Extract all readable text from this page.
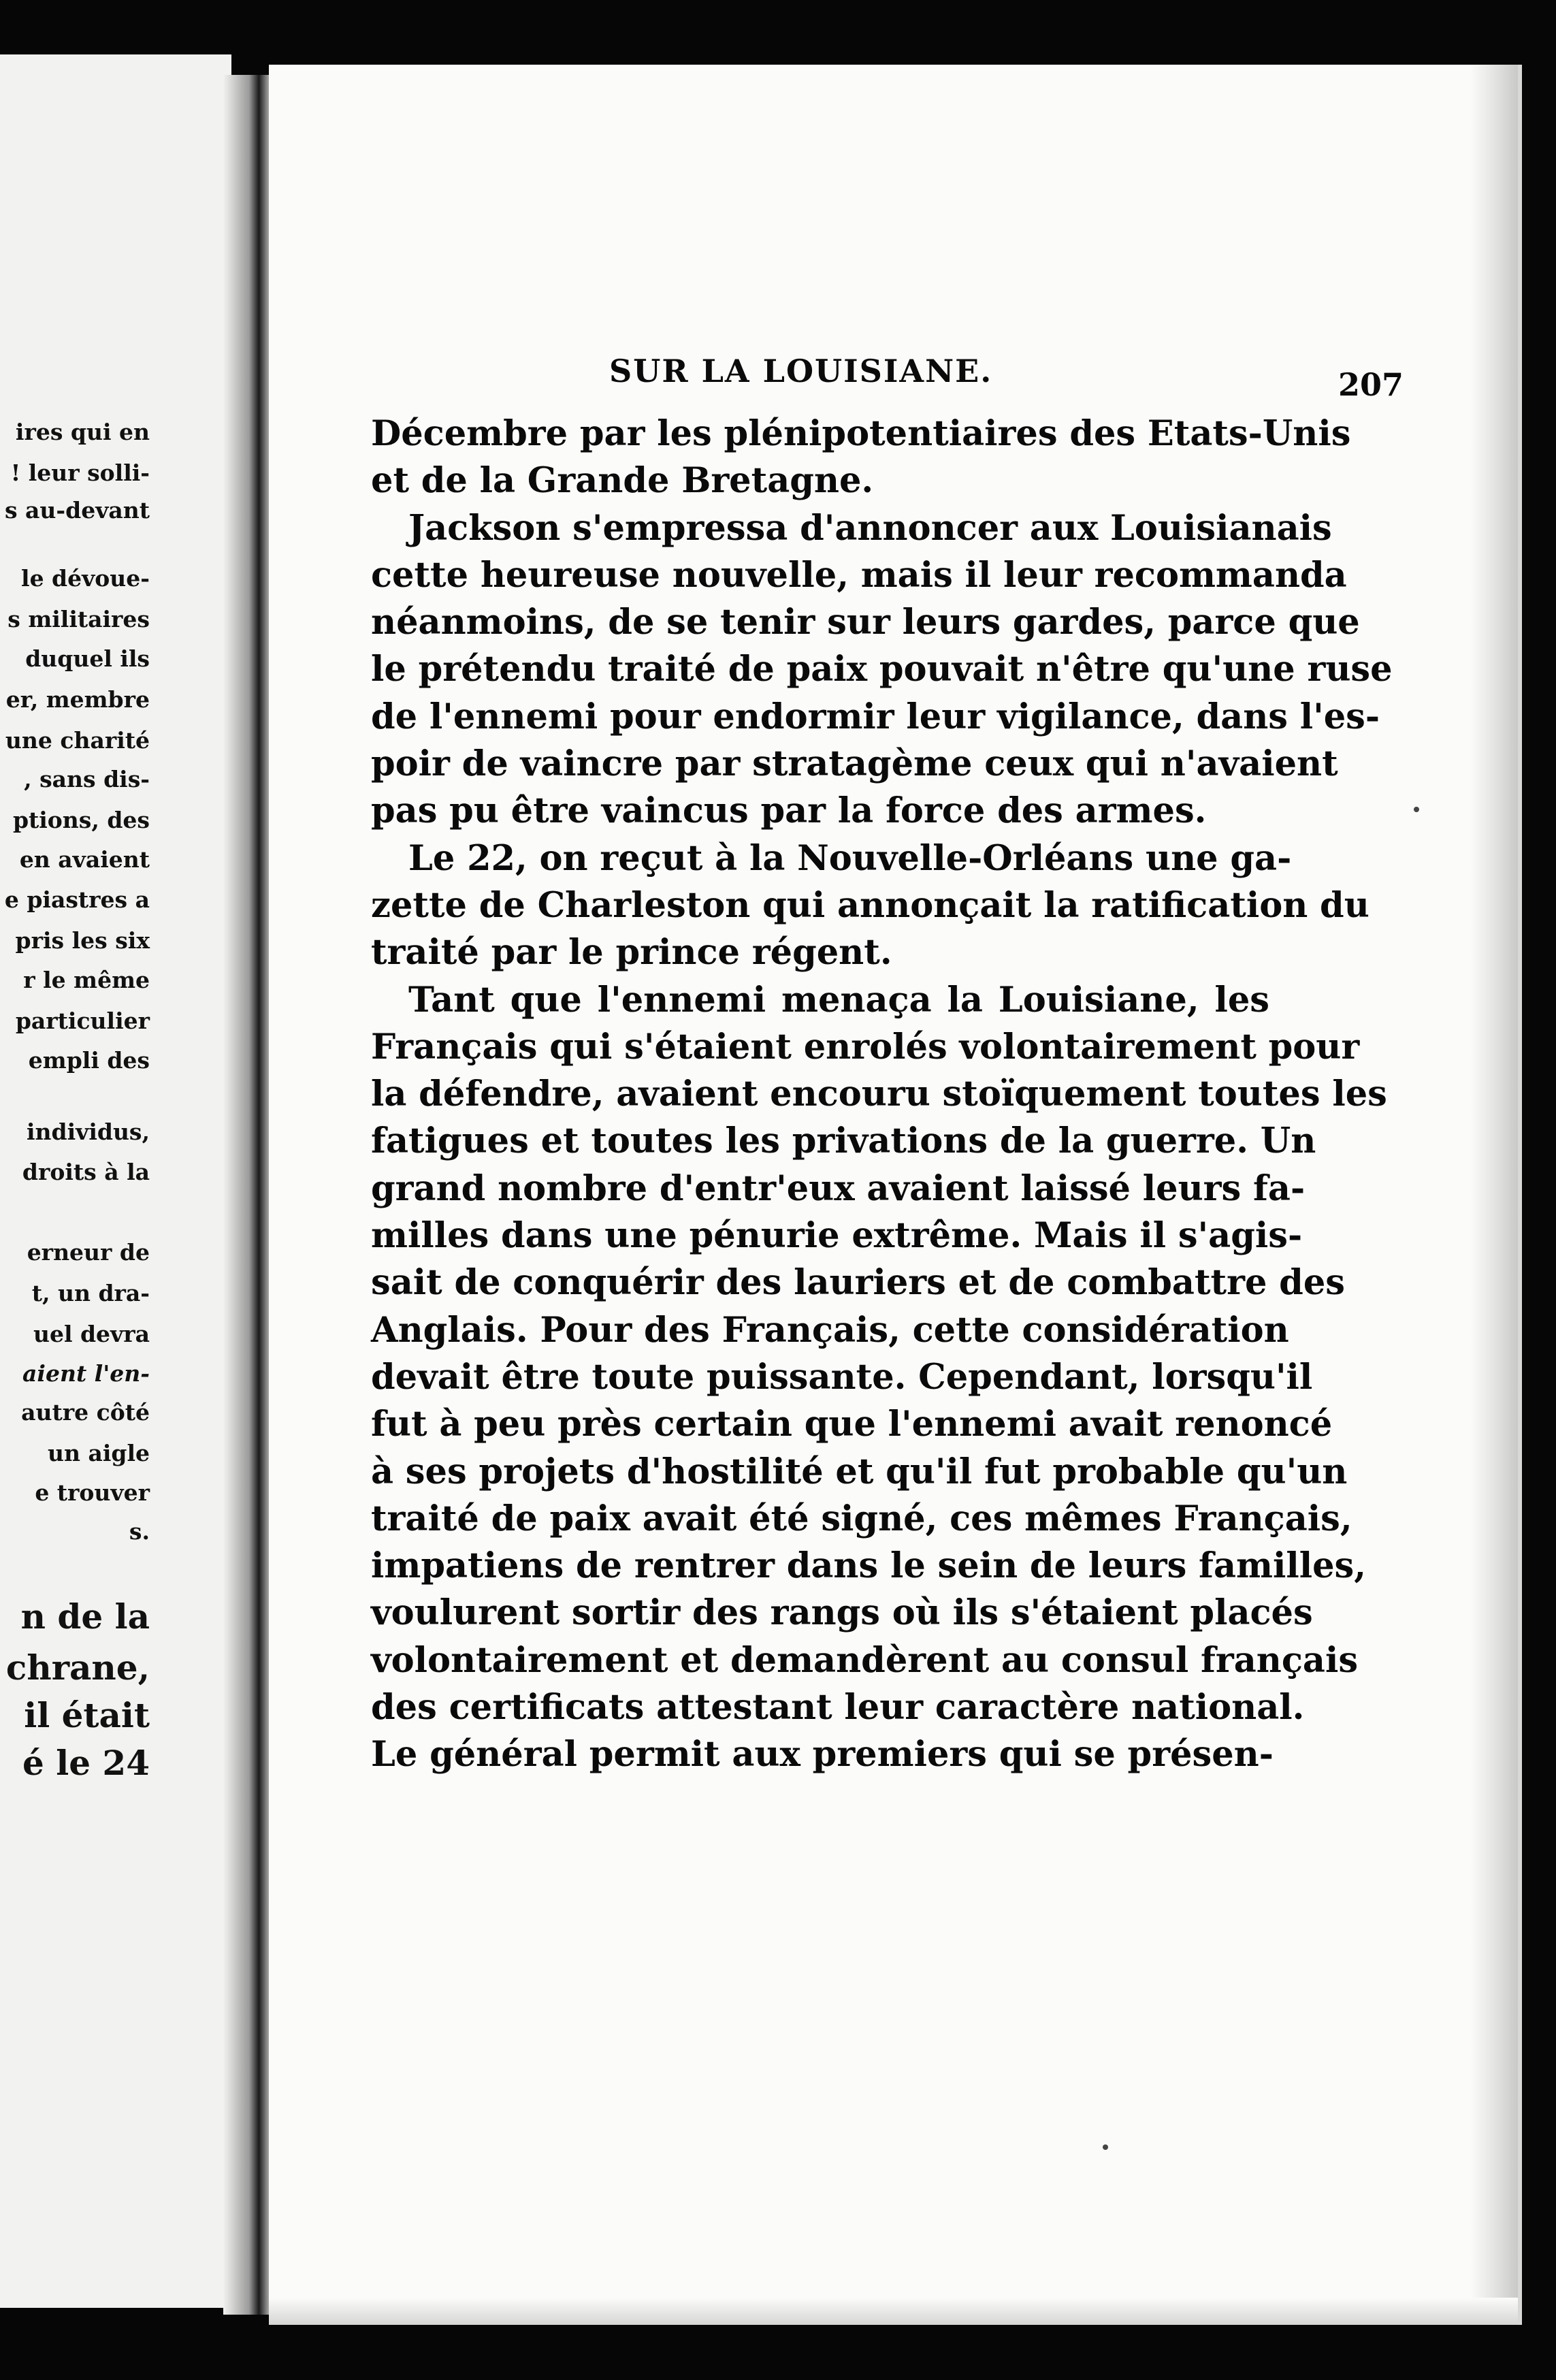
ires qui en
! leur solli-
s au-devant
le dévoue-
s militaires
duquel ils
er, membre
une charité
, sans dis-
ptions, des
en avaient
e piastres a
pris les six
r le même
particulier
empli des
individus,
droits à la
erneur de
t, un dra-
uel devra
aient l'en-
autre côté
un aigle
e trouver
s.
n de la
chrane,
il était
é le 24
SUR LA LOUISIANE.	207
Décembre par les plénipotentiaires des Etats-Unis
et de la Grande Bretagne.
Jackson s'empressa d'annoncer aux Louisianais
cette heureuse nouvelle, mais il leur recommanda
néanmoins, de se tenir sur leurs gardes, parce que
le prétendu traité de paix pouvait n'être qu'une ruse
de l'ennemi pour endormir leur vigilance, dans l'es-
poir de vaincre par stratagème ceux qui n'avaient
pas pu être vaincus par la force des armes.
Le 22, on reçut à la Nouvelle-Orléans une ga-
zette de Charleston qui annonçait la ratification du
traité par le prince régent.
Tant que l'ennemi menaça la Louisiane, les
Français qui s'étaient enrolés volontairement pour
la défendre, avaient encouru stoïquement toutes les
fatigues et toutes les privations de la guerre. Un
grand nombre d'entr'eux avaient laissé leurs fa-
milles dans une pénurie extrême. Mais il s'agis-
sait de conquérir des lauriers et de combattre des
Anglais. Pour des Français, cette considération
devait être toute puissante. Cependant, lorsqu'il
fut à peu près certain que l'ennemi avait renoncé
à ses projets d'hostilité et qu'il fut probable qu'un
traité de paix avait été signé, ces mêmes Français,
impatiens de rentrer dans le sein de leurs familles,
voulurent sortir des rangs où ils s'étaient placés
volontairement et demandèrent au consul français
des certificats attestant leur caractère national.
Le général permit aux premiers qui se présen-
